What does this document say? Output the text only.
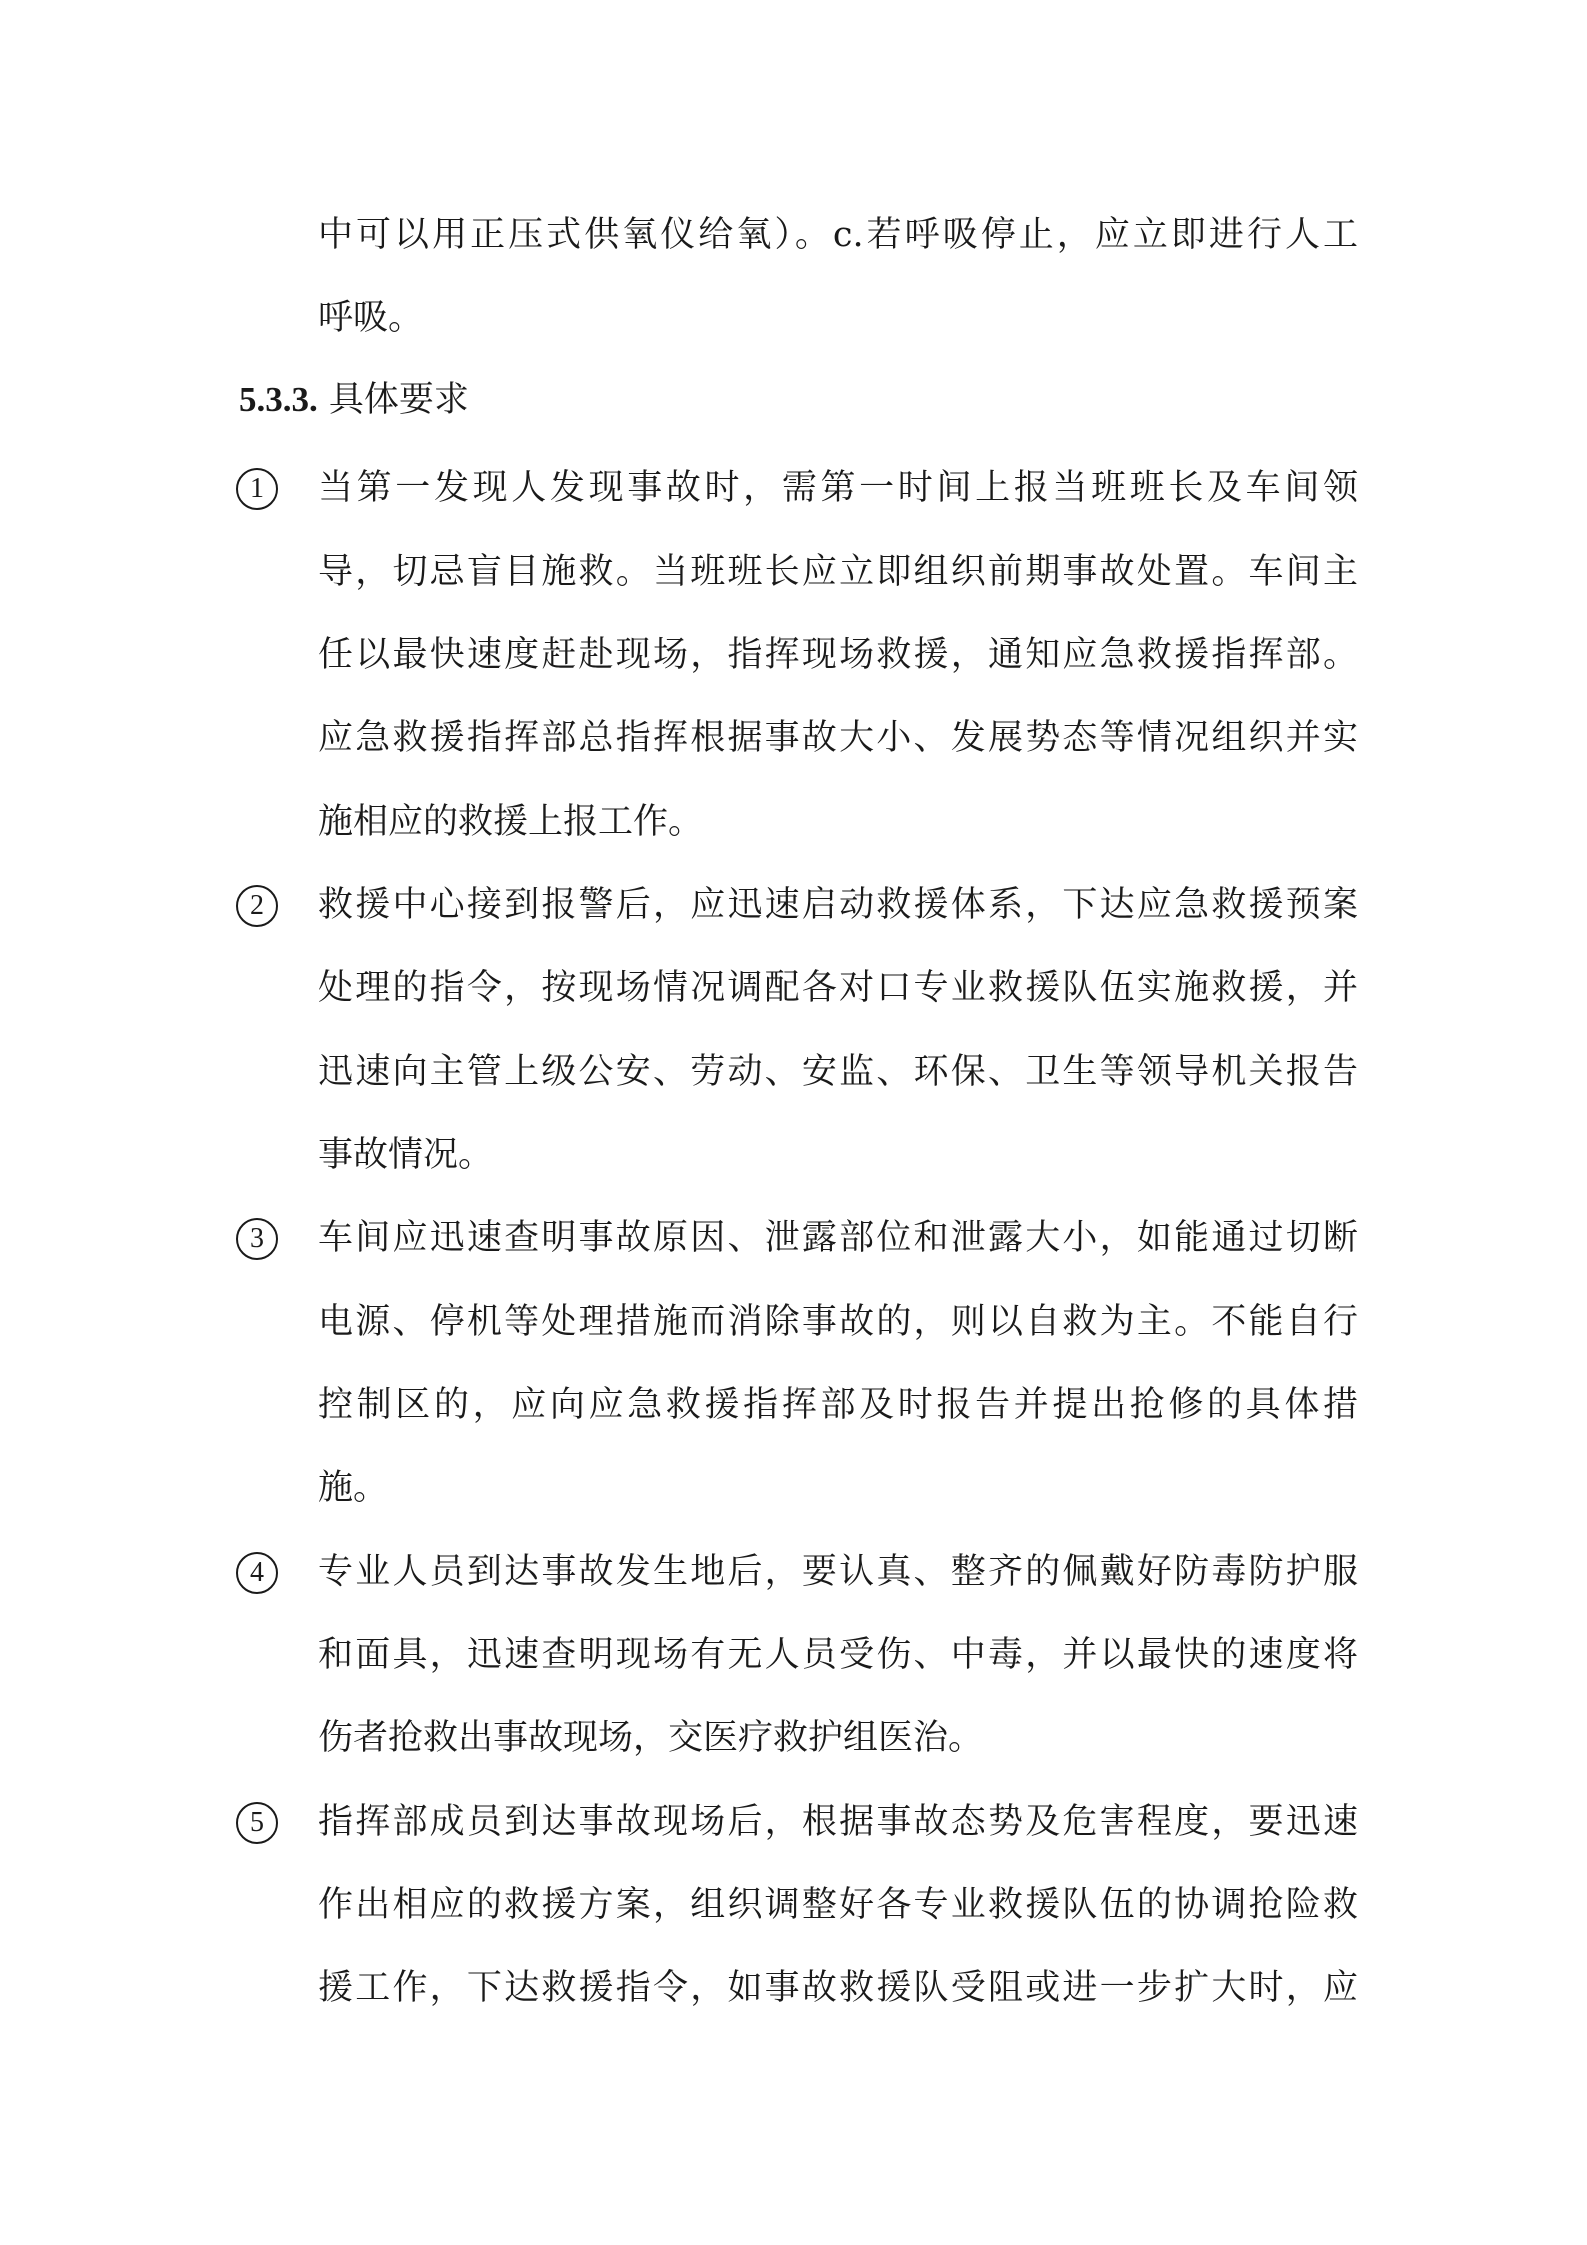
中可以用正压式供氧仪给氧）。c.若呼吸停止，应立即进行人工
呼吸。
5.3.3. 具体要求
1	当第一发现人发现事故时，需第一时间上报当班班长及车间领
导，切忌盲目施救。当班班长应立即组织前期事故处置。车间主
任以最快速度赶赴现场，指挥现场救援，通知应急救援指挥部。
应急救援指挥部总指挥根据事故大小、发展势态等情况组织并实
施相应的救援上报工作。
2	救援中心接到报警后，应迅速启动救援体系，下达应急救援预案
处理的指令，按现场情况调配各对口专业救援队伍实施救援，并
迅速向主管上级公安、劳动、安监、环保、卫生等领导机关报告
事故情况。
3	车间应迅速查明事故原因、泄露部位和泄露大小，如能通过切断
电源、停机等处理措施而消除事故的，则以自救为主。不能自行
控制区的，应向应急救援指挥部及时报告并提出抢修的具体措
施。
4	专业人员到达事故发生地后，要认真、整齐的佩戴好防毒防护服
和面具，迅速查明现场有无人员受伤、中毒，并以最快的速度将
伤者抢救出事故现场，交医疗救护组医治。
5	指挥部成员到达事故现场后，根据事故态势及危害程度，要迅速
作出相应的救援方案，组织调整好各专业救援队伍的协调抢险救
援工作，下达救援指令，如事故救援队受阻或进一步扩大时，应
